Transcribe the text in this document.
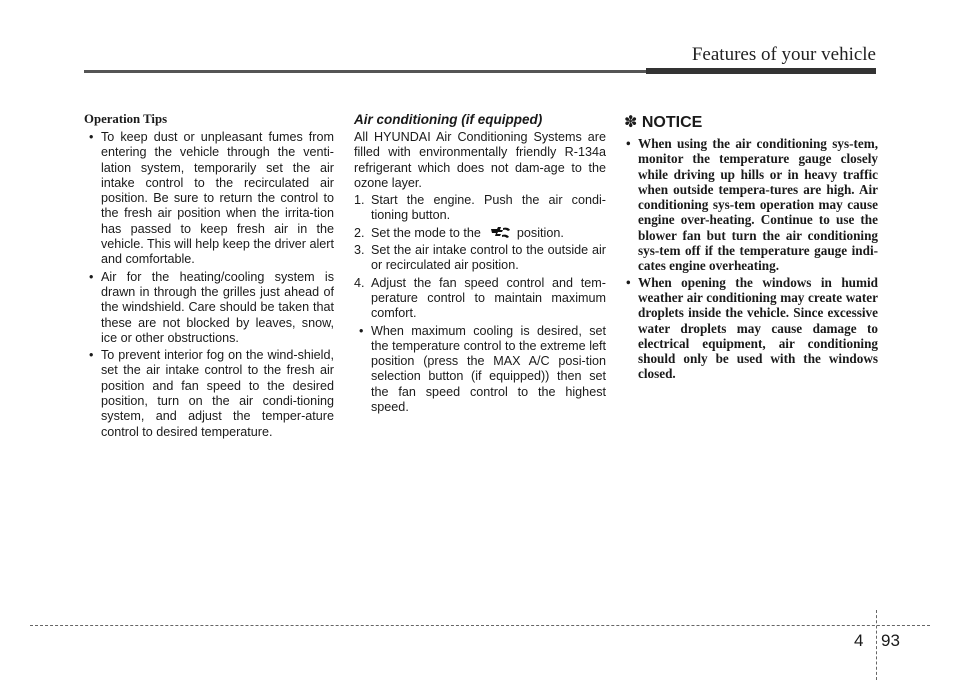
Features of your vehicle
Operation Tips
• To keep dust or unpleasant fumes from entering the vehicle through the venti-lation system, temporarily set the air intake control to the recirculated air position. Be sure to return the control to the fresh air position when the irrita-tion has passed to keep fresh air in the vehicle. This will help keep the driver alert and comfortable.
• Air for the heating/cooling system is drawn in through the grilles just ahead of the windshield. Care should be taken that these are not blocked by leaves, snow, ice or other obstructions.
• To prevent interior fog on the wind-shield, set the air intake control to the fresh air position and fan speed to the desired position, turn on the air condi-tioning system, and adjust the temper-ature control to desired temperature.
Air conditioning (if equipped)

All HYUNDAI Air Conditioning Systems are filled with environmentally friendly R-134a refrigerant which does not dam-age to the ozone layer.

1. Start the engine. Push the air condi-tioning button.
2. Set the mode to the	position.
3. Set the air intake control to the outside air or recirculated air position.
4. Adjust the fan speed control and tem-perature control to maintain maximum comfort.
• When maximum cooling is desired, set the temperature control to the extreme left position (press the MAX A/C posi-tion selection button (if equipped)) then set the fan speed control to the highest speed.
✽ NOTICE
• When using the air conditioning sys-tem, monitor the temperature gauge closely while driving up hills or in heavy traffic when outside tempera-tures are high. Air conditioning sys-tem operation may cause engine over-heating. Continue to use the blower fan but turn the air conditioning sys-tem off if the temperature gauge indi-cates engine overheating.
• When opening the windows in humid weather air conditioning may create water droplets inside the vehicle. Since excessive water droplets may cause damage to electrical equipment, air conditioning should only be used with the windows closed.
4 93
